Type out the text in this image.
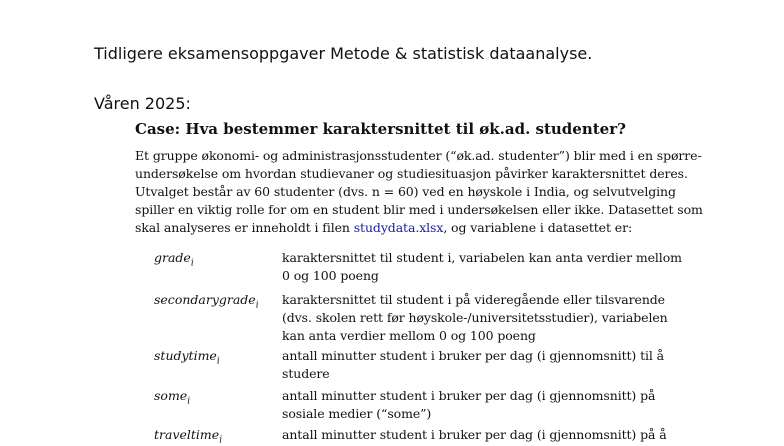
Tidligere eksamensoppgaver Metode & statistisk dataanalyse.
Våren 2025:
Case: Hva bestemmer karaktersnittet til øk.ad. studenter?
Et gruppe økonomi- og administrasjonsstudenter (“øk.ad. studenter”) blir med i en spørre-
undersøkelse om hvordan studievaner og studiesituasjon påvirker karaktersnittet deres.
Utvalget består av 60 studenter (dvs. n = 60) ved en høyskole i India, og selvutvelging
spiller en viktig rolle for om en student blir med i undersøkelsen eller ikke. Datasettet som
skal analyseres er inneholdt i filen studydata.xlsx, og variablene i datasettet er:
grade$_i$	karaktersnittet til student i, variabelen kan anta verdier mellom
0 og 100 poeng
secondarygrade$_i$ karaktersnittet til student i på videregående eller tilsvarende
(dvs. skolen rett før høyskole-/universitetsstudier), variabelen
kan anta verdier mellom 0 og 100 poeng
studytime$_i$	antall minutter student i bruker per dag (i gjennomsnitt) til å
studere
some$_i$	antall minutter student i bruker per dag (i gjennomsnitt) på
sosiale medier (“some”)
traveltime$_i$	antall minutter student i bruker per dag (i gjennomsnitt) på å
